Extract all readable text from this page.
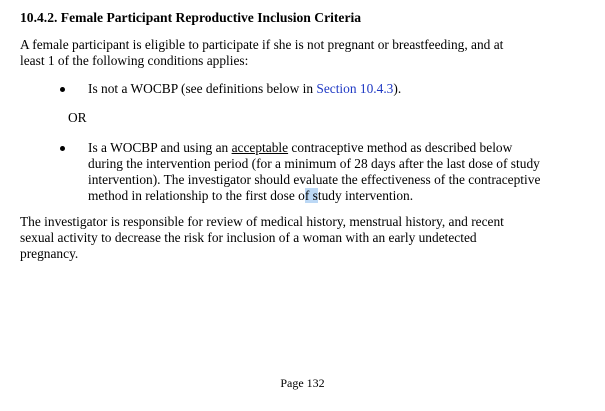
10.4.2. Female Participant Reproductive Inclusion Criteria
A female participant is eligible to participate if she is not pregnant or breastfeeding, and at
least 1 of the following conditions applies:
Is not a WOCBP (see definitions below in Section 10.4.3).
OR
Is a WOCBP and using an acceptable contraceptive method as described below
during the intervention period (for a minimum of 28 days after the last dose of study
intervention). The investigator should evaluate the effectiveness of the contraceptive
method in relationship to the first dose of study intervention.
The investigator is responsible for review of medical history, menstrual history, and recent
sexual activity to decrease the risk for inclusion of a woman with an early undetected
pregnancy.
Page 132
